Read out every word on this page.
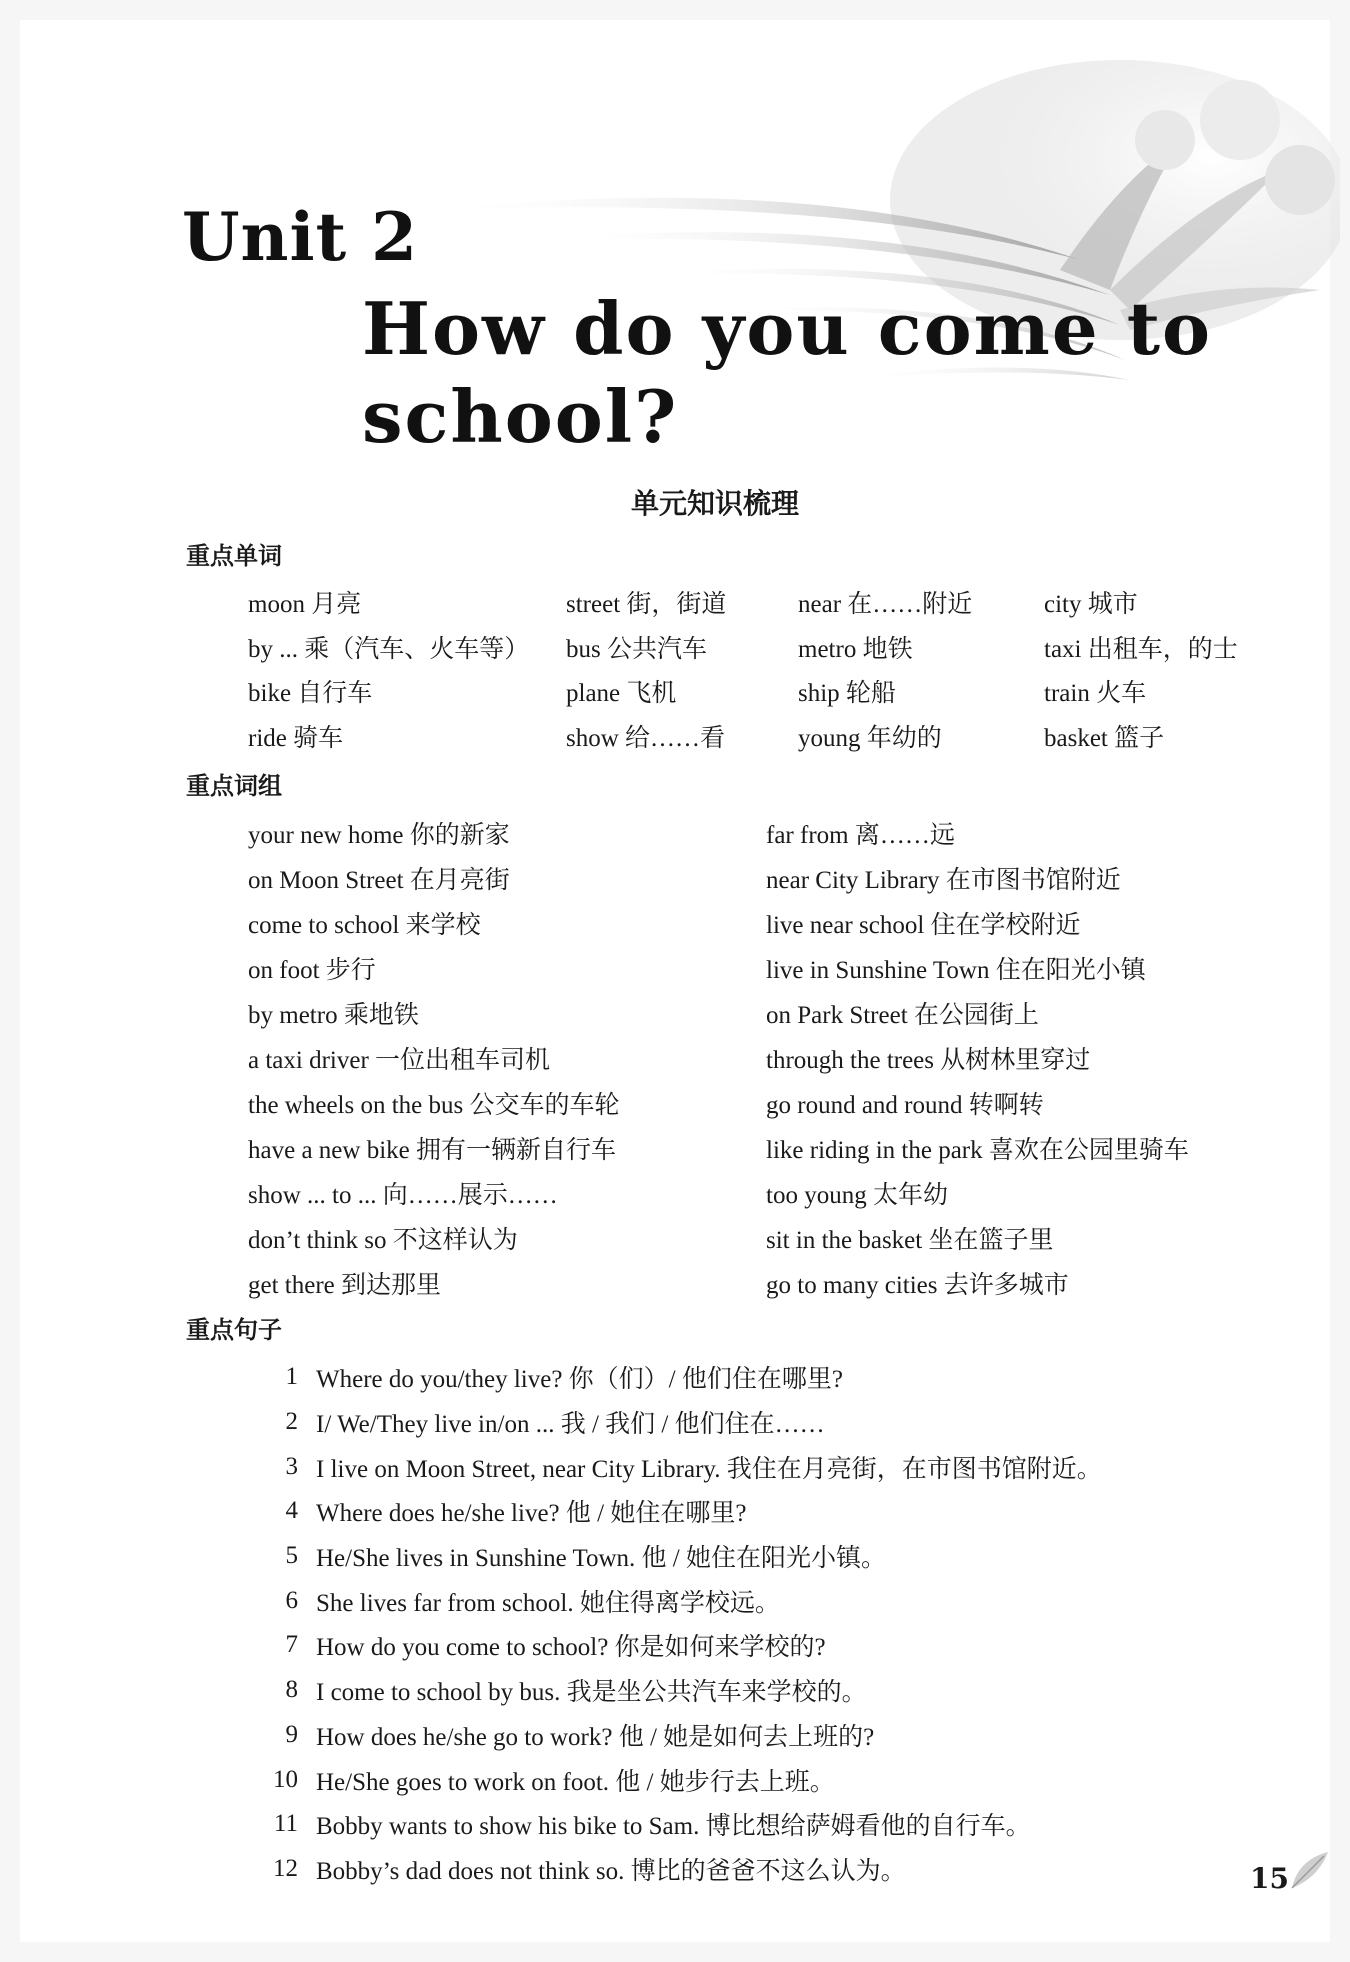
Unit 2
How do you come to
school?
单元知识梳理
重点单词
moon 月亮	street 街，街道	near 在……附近	city 城市
by ... 乘（汽车、火车等）	bus 公共汽车	metro 地铁	taxi 出租车，的士
bike 自行车	plane 飞机	ship 轮船	train 火车
ride 骑车	show 给……看	young 年幼的	basket 篮子
重点词组
your new home 你的新家	far from 离……远
on Moon Street 在月亮街	near City Library 在市图书馆附近
come to school 来学校	live near school 住在学校附近
on foot 步行	live in Sunshine Town 住在阳光小镇
by metro 乘地铁	on Park Street 在公园街上
a taxi driver 一位出租车司机	through the trees 从树林里穿过
the wheels on the bus 公交车的车轮	go round and round 转啊转
have a new bike 拥有一辆新自行车	like riding in the park 喜欢在公园里骑车
show ... to ... 向……展示……	too young 太年幼
don’t think so 不这样认为	sit in the basket 坐在篮子里
get there 到达那里	go to many cities 去许多城市
重点句子
1 Where do you/they live? 你（们）/ 他们住在哪里?
2 I/ We/They live in/on ... 我 / 我们 / 他们住在……
3 I live on Moon Street, near City Library. 我住在月亮街，在市图书馆附近。
4 Where does he/she live? 他 / 她住在哪里?
5 He/She lives in Sunshine Town. 他 / 她住在阳光小镇。
6 She lives far from school. 她住得离学校远。
7 How do you come to school? 你是如何来学校的?
8 I come to school by bus. 我是坐公共汽车来学校的。
9 How does he/she go to work? 他 / 她是如何去上班的?
10 He/She goes to work on foot. 他 / 她步行去上班。
11 Bobby wants to show his bike to Sam. 博比想给萨姆看他的自行车。
12 Bobby’s dad does not think so. 博比的爸爸不这么认为。	15
